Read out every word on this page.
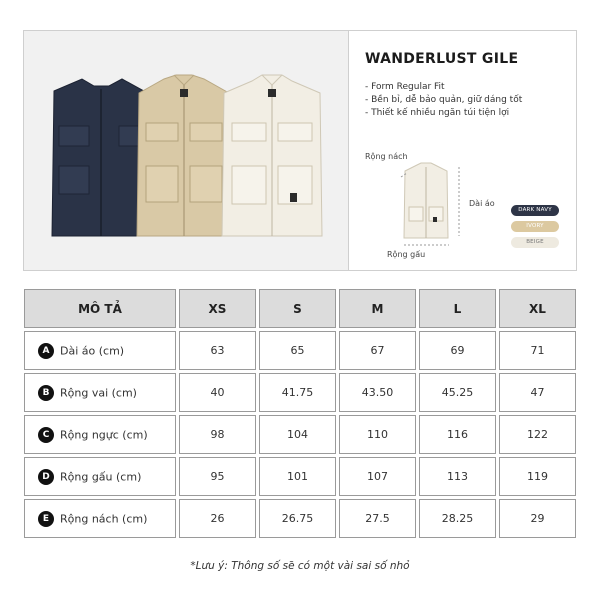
WANDERLUST GILE
- Form Regular Fit
- Bền bỉ, dễ bảo quản, giữ dáng tốt
- Thiết kế nhiều ngăn túi tiện lợi
Rộng nách
Dài áo
Rộng gấu
DARK NAVY
IVORY
BEIGE
MÔ TẢ	XS	S	M	L	XL
A Dài áo (cm)	63	65	67	69	71
B Rộng vai (cm)	40	41.75	43.50	45.25	47
C Rộng ngực (cm)	98	104	110	116	122
D Rộng gấu (cm)	95	101	107	113	119
E Rộng nách (cm)	26	26.75	27.5	28.25	29
*Lưu ý: Thông số sẽ có một vài sai số nhỏ
